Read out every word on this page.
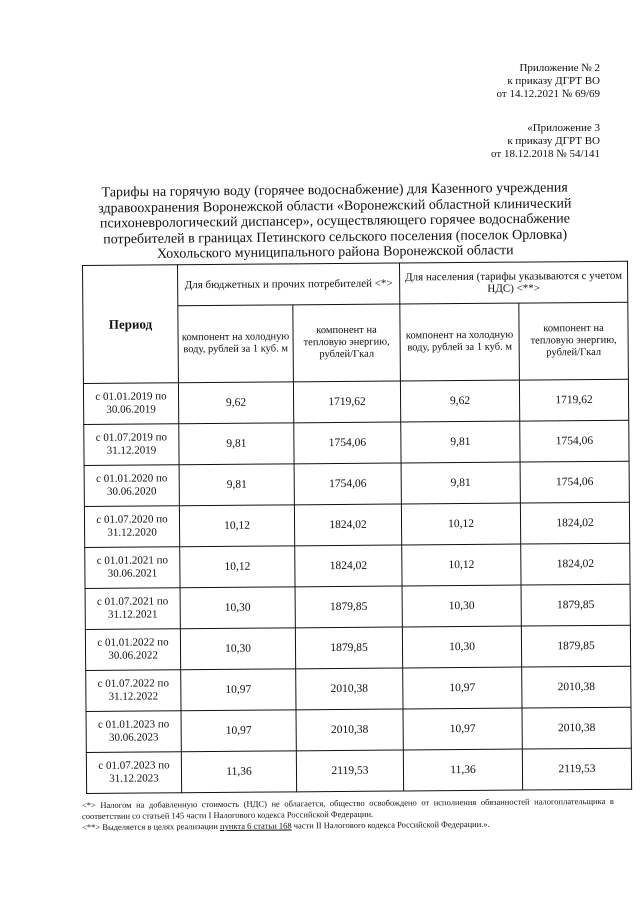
Приложение № 2
к приказу ДГРТ ВО
от 14.12.2021 № 69/69
«Приложение 3
к приказу ДГРТ ВО
от 18.12.2018 № 54/141
Тарифы на горячую воду (горячее водоснабжение) для Казенного учреждения
здравоохранения Воронежской области «Воронежский областной клинический
психоневрологический диспансер», осуществляющего горячее водоснабжение
потребителей в границах Петинского сельского поселения (поселок Орловка)
Хохольского муниципального района Воронежской области
Период	Для бюджетных и прочих потребителей <*>		Для населения (тарифы указываются с учетом НДС) <**>	
	компонент на холодную воду, рублей за 1 куб. м	компонент на тепловую энергию, рублей/Гкал	компонент на холодную воду, рублей за 1 куб. м	компонент на тепловую энергию, рублей/Гкал
с 01.01.2019 по 30.06.2019	9,62	1719,62	9,62	1719,62
с 01.07.2019 по 31.12.2019	9,81	1754,06	9,81	1754,06
с 01.01.2020 по 30.06.2020	9,81	1754,06	9,81	1754,06
с 01.07.2020 по 31.12.2020	10,12	1824,02	10,12	1824,02
с 01.01.2021 по 30.06.2021	10,12	1824,02	10,12	1824,02
с 01.07.2021 по 31.12.2021	10,30	1879,85	10,30	1879,85
с 01.01.2022 по 30.06.2022	10,30	1879,85	10,30	1879,85
с 01.07.2022 по 31.12.2022	10,97	2010,38	10,97	2010,38
с 01.01.2023 по 30.06.2023	10,97	2010,38	10,97	2010,38
с 01.07.2023 по 31.12.2023	11,36	2119,53	11,36	2119,53

<*> Налогом на добавленную стоимость (НДС) не облагается, общество освобождено от исполнения обязанностей налогоплательщика в соответствии со статьей 145 части I Налогового кодекса Российской Федерации.

<**> Выделяется в целях реализации пункта 6 статьи 168 части II Налогового кодекса Российской Федерации.».
